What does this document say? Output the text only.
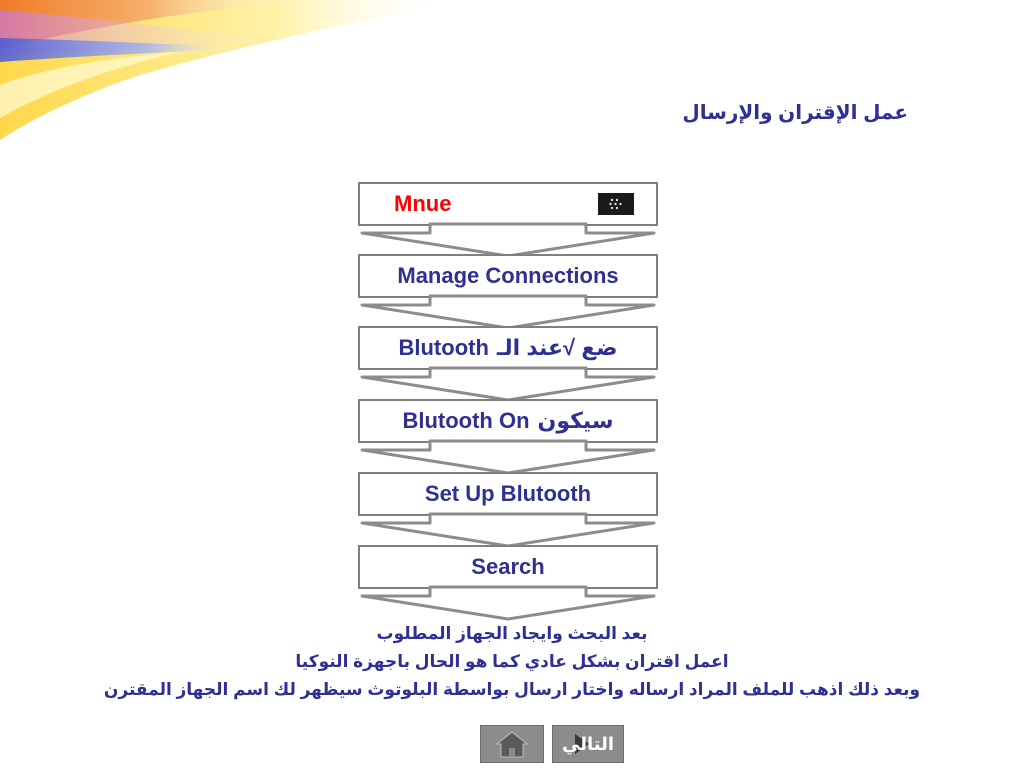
عمل الإقتران والإرسال
Mnue
Manage Connections
Blutooth ضع √عند الـ
Blutooth On سيكون
Set Up Blutooth
Search
بعد البحث وايجاد الجهاز المطلوب
اعمل اقتران بشكل عادي كما هو الحال باجهزة النوكيا
وبعد ذلك اذهب للملف المراد ارساله واختار ارسال بواسطة البلوتوث سيظهر لك اسم الجهاز المقترن
التالي
